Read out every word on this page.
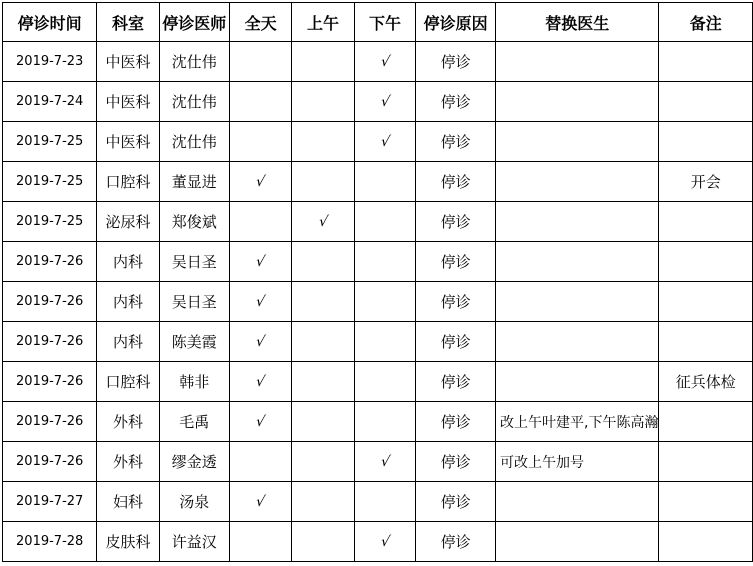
停诊时间	科室	停诊医师	全天	上午	下午	停诊原因	替换医生	备注
2019-7-23	中医科	沈仕伟			√	停诊		
2019-7-24	中医科	沈仕伟			√	停诊		
2019-7-25	中医科	沈仕伟			√	停诊		
2019-7-25	口腔科	董显进	√			停诊		开会
2019-7-25	泌尿科	郑俊斌		√		停诊		
2019-7-26	内科	吴日圣	√			停诊		
2019-7-26	内科	吴日圣	√			停诊		
2019-7-26	内科	陈美霞	√			停诊		
2019-7-26	口腔科	韩非	√			停诊		征兵体检
2019-7-26	外科	毛禹	√			停诊	改上午叶建平,下午陈高瀚	
2019-7-26	外科	缪金透			√	停诊	可改上午加号	
2019-7-27	妇科	汤泉	√			停诊		
2019-7-28	皮肤科	许益汉			√	停诊		
